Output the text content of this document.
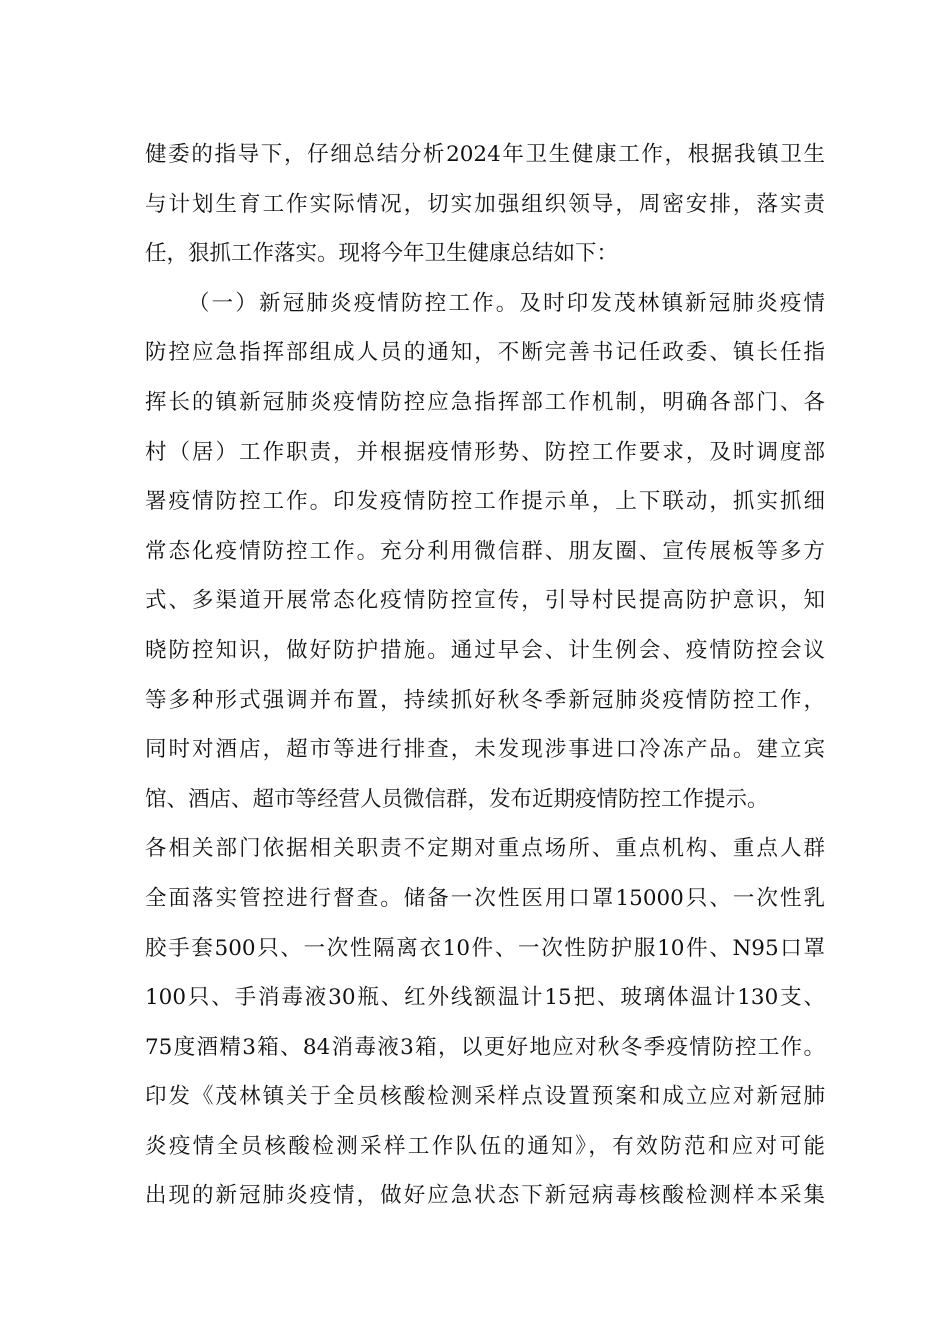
健委的指导下，仔细总结分析2024年卫生健康工作，根据我镇卫生
与计划生育工作实际情况，切实加强组织领导，周密安排，落实责
任，狠抓工作落实。现将今年卫生健康总结如下：
（一）新冠肺炎疫情防控工作。及时印发茂林镇新冠肺炎疫情
防控应急指挥部组成人员的通知，不断完善书记任政委、镇长任指
挥长的镇新冠肺炎疫情防控应急指挥部工作机制，明确各部门、各
村（居）工作职责，并根据疫情形势、防控工作要求，及时调度部
署疫情防控工作。印发疫情防控工作提示单，上下联动，抓实抓细
常态化疫情防控工作。充分利用微信群、朋友圈、宣传展板等多方
式、多渠道开展常态化疫情防控宣传，引导村民提高防护意识，知
晓防控知识，做好防护措施。通过早会、计生例会、疫情防控会议
等多种形式强调并布置，持续抓好秋冬季新冠肺炎疫情防控工作，
同时对酒店，超市等进行排查，未发现涉事进口冷冻产品。建立宾
馆、酒店、超市等经营人员微信群，发布近期疫情防控工作提示。
各相关部门依据相关职责不定期对重点场所、重点机构、重点人群
全面落实管控进行督查。储备一次性医用口罩15000只、一次性乳
胶手套500只、一次性隔离衣10件、一次性防护服10件、N95口罩
100只、手消毒液30瓶、红外线额温计15把、玻璃体温计130支、
75度酒精3箱、84消毒液3箱，以更好地应对秋冬季疫情防控工作。
印发《茂林镇关于全员核酸检测采样点设置预案和成立应对新冠肺
炎疫情全员核酸检测采样工作队伍的通知》，有效防范和应对可能
出现的新冠肺炎疫情，做好应急状态下新冠病毒核酸检测样本采集
